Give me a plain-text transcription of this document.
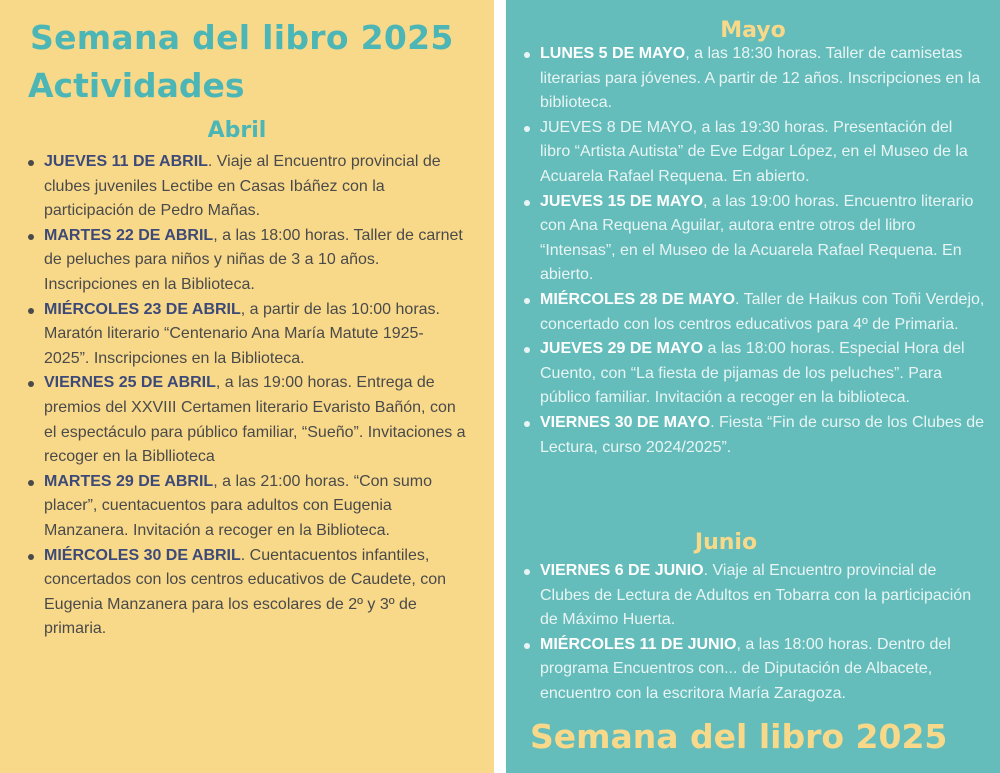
Semana del libro 2025
Actividades
Abril
JUEVES 11 DE ABRIL. Viaje al Encuentro provincial de clubes juveniles Lectibe en Casas Ibáñez con la participación de Pedro Mañas.
MARTES 22 DE ABRIL, a las 18:00 horas. Taller de carnet de peluches para niños y niñas de 3 a 10 años. Inscripciones en la Biblioteca.
MIÉRCOLES 23 DE ABRIL, a partir de las 10:00 horas. Maratón literario “Centenario Ana María Matute 1925-2025”. Inscripciones en la Biblioteca.
VIERNES 25 DE ABRIL, a las 19:00 horas. Entrega de premios del XXVIII Certamen literario Evaristo Bañón, con el espectáculo para público familiar, “Sueño”. Invitaciones a recoger en la Bibllioteca
MARTES 29 DE ABRIL, a las 21:00 horas. “Con sumo placer”, cuentacuentos para adultos con Eugenia Manzanera. Invitación a recoger en la Biblioteca.
MIÉRCOLES 30 DE ABRIL. Cuentacuentos infantiles, concertados con los centros educativos de Caudete, con Eugenia Manzanera para los escolares de 2º y 3º de primaria.
Mayo
LUNES 5 DE MAYO, a las 18:30 horas. Taller de camisetas literarias para jóvenes. A partir de 12 años. Inscripciones en la biblioteca.
JUEVES 8 DE MAYO, a las 19:30 horas. Presentación del libro “Artista Autista” de Eve Edgar López, en el Museo de la Acuarela Rafael Requena. En abierto.
JUEVES 15 DE MAYO, a las 19:00 horas. Encuentro literario con Ana Requena Aguilar, autora entre otros del libro “Intensas”, en el Museo de la Acuarela Rafael Requena. En abierto.
MIÉRCOLES 28 DE MAYO. Taller de Haikus con Toñi Verdejo, concertado con los centros educativos para 4º de Primaria.
JUEVES 29 DE MAYO a las 18:00 horas. Especial Hora del Cuento, con “La fiesta de pijamas de los peluches”. Para público familiar. Invitación a recoger en la biblioteca.
VIERNES 30 DE MAYO. Fiesta “Fin de curso de los Clubes de Lectura, curso 2024/2025”.
Junio
VIERNES 6 DE JUNIO. Viaje al Encuentro provincial de Clubes de Lectura de Adultos en Tobarra con la participación de Máximo Huerta.
MIÉRCOLES 11 DE JUNIO, a las 18:00 horas. Dentro del programa Encuentros con... de Diputación de Albacete, encuentro con la escritora María Zaragoza.
Semana del libro 2025
